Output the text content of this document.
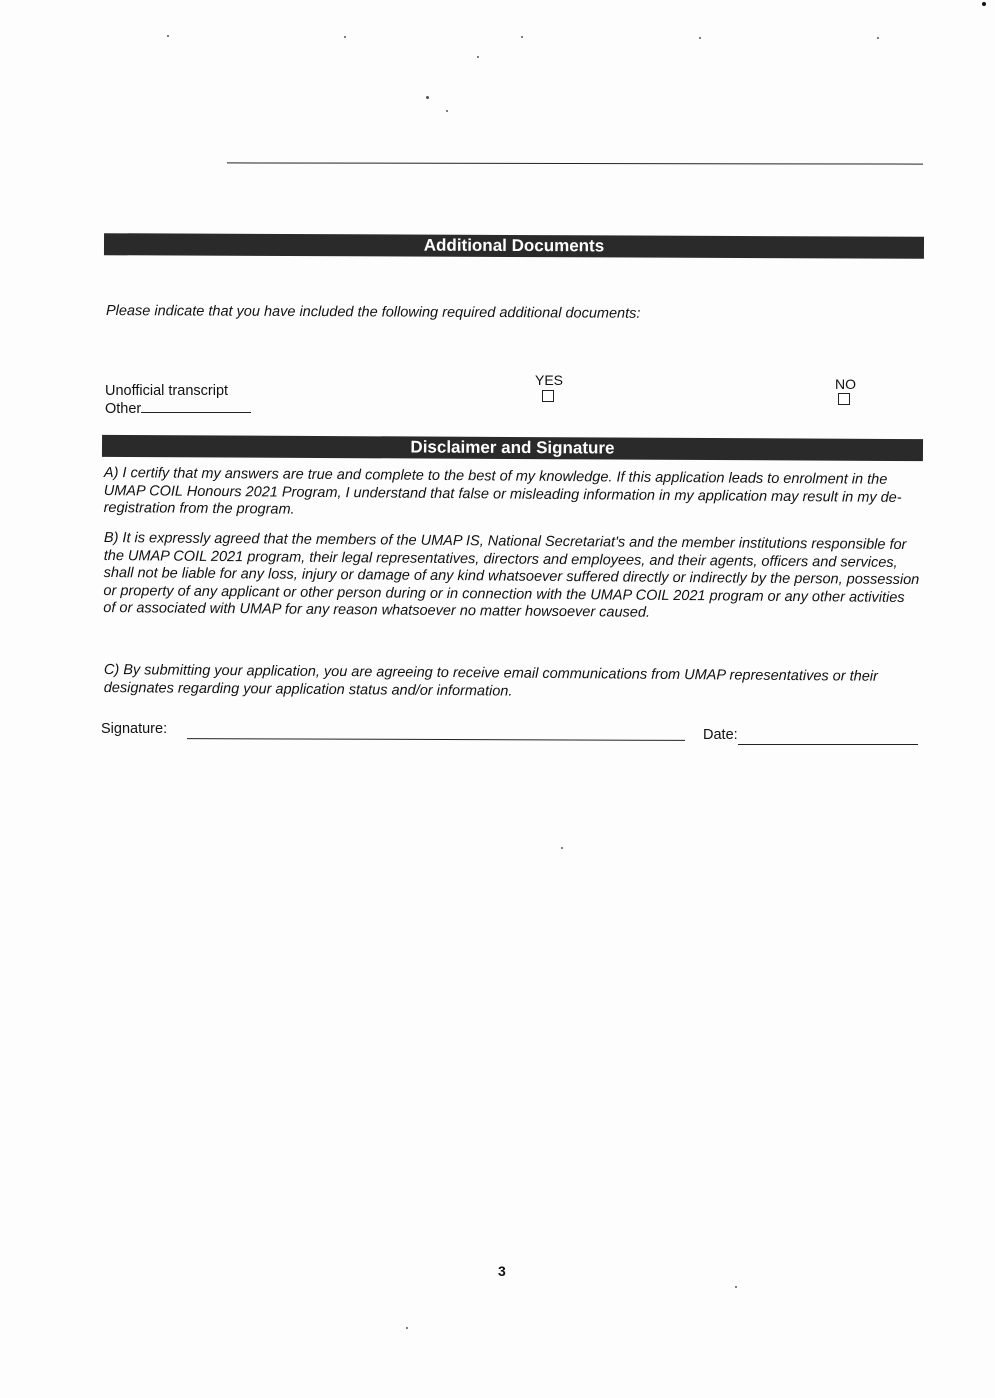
Additional Documents
Please indicate that you have included the following required additional documents:
YES	NO
Unofficial transcript
Other
Disclaimer and Signature
A) I certify that my answers are true and complete to the best of my knowledge. If this application leads to enrolment in the UMAP COIL Honours 2021 Program, I understand that false or misleading information in my application may result in my de-registration from the program.
B) It is expressly agreed that the members of the UMAP IS, National Secretariat's and the member institutions responsible for the UMAP COIL 2021 program, their legal representatives, directors and employees, and their agents, officers and services, shall not be liable for any loss, injury or damage of any kind whatsoever suffered directly or indirectly by the person, possession or property of any applicant or other person during or in connection with the UMAP COIL 2021 program or any other activities of or associated with UMAP for any reason whatsoever no matter howsoever caused.
C) By submitting your application, you are agreeing to receive email communications from UMAP representatives or their designates regarding your application status and/or information.
Signature:	Date:
3
